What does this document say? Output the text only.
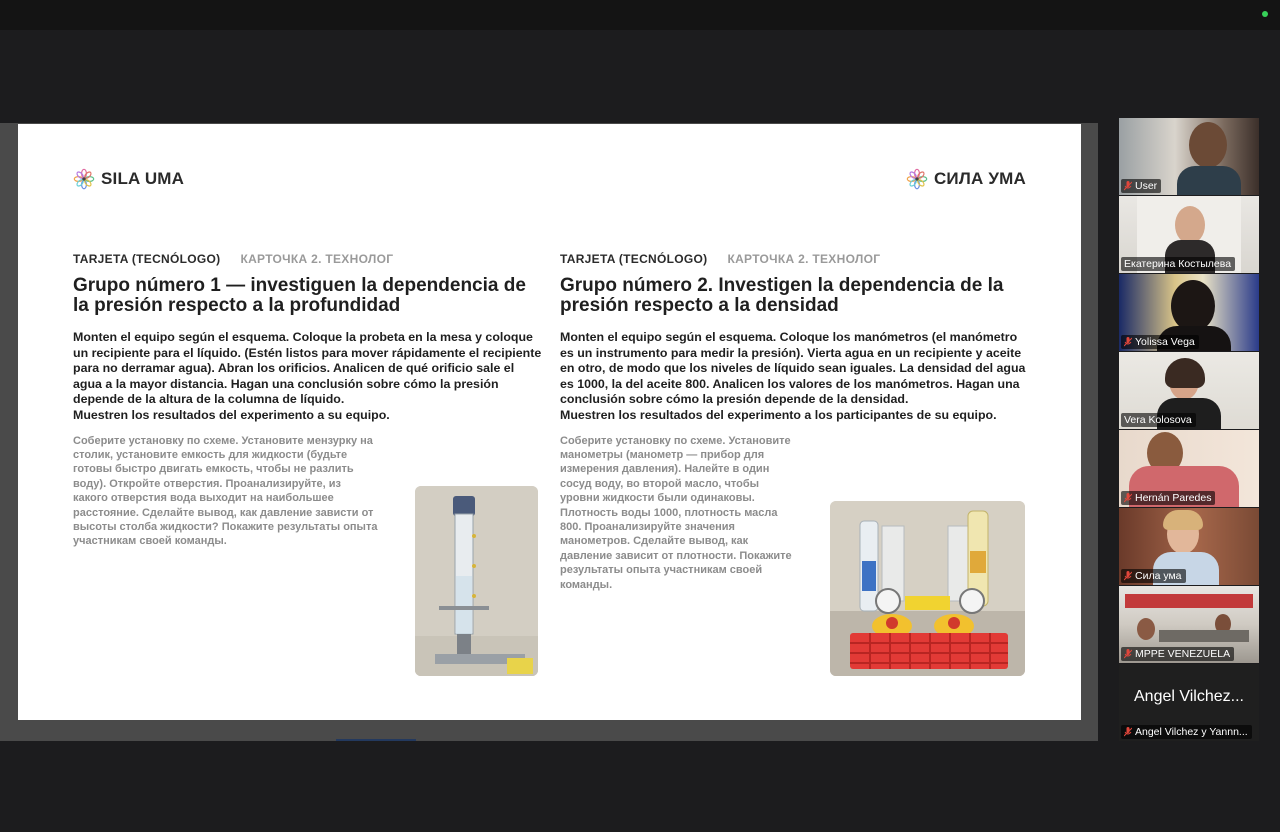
SILA UMA	СИЛА УМА
TARJETA (TECNÓLOGO) КАРТОЧКА 2. ТЕХНОЛОГ
Grupo número 1 — investiguen la dependencia de la presión respecto a la profundidad

Monten el equipo según el esquema. Coloque la probeta en la mesa y coloque un recipiente para el líquido. (Estén listos para mover rápidamente el recipiente para no derramar agua). Abran los orificios. Analicen de qué orificio sale el agua a la mayor distancia. Hagan una conclusión sobre cómo la presión depende de la altura de la columna de líquido.

Muestren los resultados del experimento a su equipo.

Соберите установку по схеме. Установите мензурку на столик, установите емкость для жидкости (будьте готовы быстро двигать емкость, чтобы не разлить воду). Откройте отверстия. Проанализируйте, из какого отверстия вода выходит на наибольшее расстояние. Сделайте вывод, как давление зависти от высоты столба жидкости? Покажите результаты опыта участникам своей команды.
TARJETA (TECNÓLOGO) КАРТОЧКА 2. ТЕХНОЛОГ
Grupo número 2. Investigen la dependencia de la presión respecto a la densidad

Monten el equipo según el esquema. Coloque los manómetros (el manómetro es un instrumento para medir la presión). Vierta agua en un recipiente y aceite en otro, de modo que los niveles de líquido sean iguales. La densidad del agua es 1000, la del aceite 800. Analicen los valores de los manómetros. Hagan una conclusión sobre cómo la presión depende de la densidad.

Muestren los resultados del experimento a los participantes de su equipo.

Соберите установку по схеме. Установите манометры (манометр — прибор для измерения давления). Налейте в один сосуд воду, во второй масло, чтобы уровни жидкости были одинаковы. Плотность воды 1000, плотность масла 800. Проанализируйте значения манометров. Сделайте вывод, как давление зависит от плотности. Покажите результаты опыта участникам своей команды.
User
Екатерина Костылева
Yolissa Vega
Vera Kolosova
Hernán Paredes
Сила ума
MPPE VENEZUELA
Angel Vilchez...
Angel Vilchez y Yannn...
